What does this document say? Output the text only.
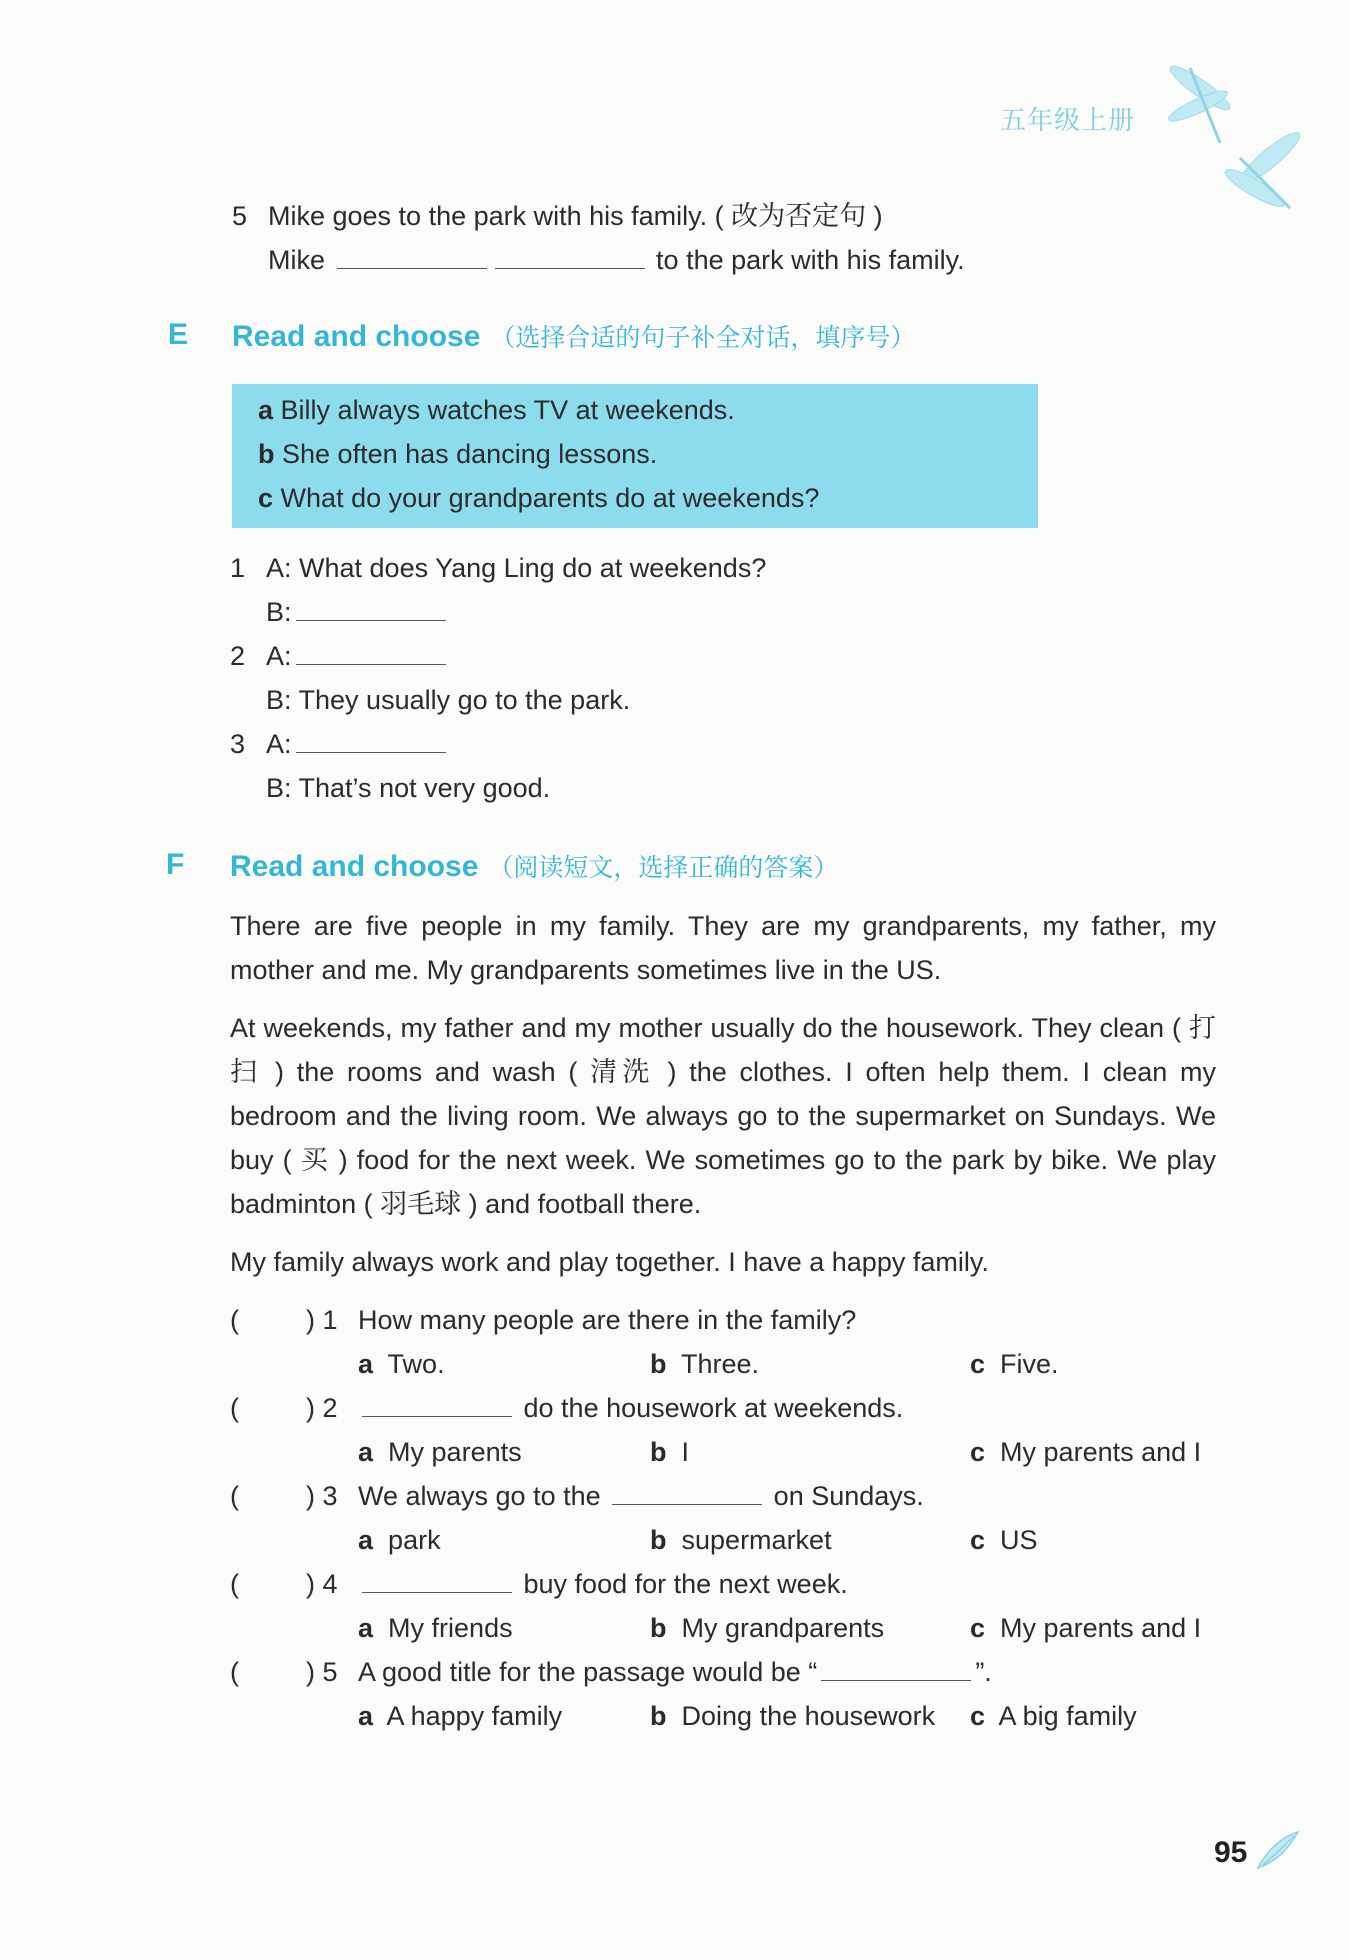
五年级上册
5 Mike goes to the park with his family. ( 改为否定句 )
Mike	to the park with his family.
E Read and choose （选择合适的句子补全对话，填序号）
a Billy always watches TV at weekends.
b She often has dancing lessons.
c What do your grandparents do at weekends?
1 A: What does Yang Ling do at weekends?
B:
2 A:
B: They usually go to the park.
3 A:
B: That’s not very good.
F Read and choose （阅读短文，选择正确的答案）
There are five people in my family. They are my grandparents, my father, my mother and me. My grandparents sometimes live in the US.
At weekends, my father and my mother usually do the housework. They clean ( 打扫 ) the rooms and wash ( 清洗 ) the clothes. I often help them. I clean my bedroom and the living room. We always go to the supermarket on Sundays. We buy ( 买 ) food for the next week. We sometimes go to the park by bike. We play badminton ( 羽毛球 ) and football there.
My family always work and play together. I have a happy family.
( ) 1 How many people are there in the family?
a Two.	b Three.	c Five.
( ) 2	do the housework at weekends.
a My parents	b I	c My parents and I
( ) 3 We always go to the	on Sundays.
a park	b supermarket	c US
( ) 4	buy food for the next week.
a My friends	b My grandparents	c My parents and I
( ) 5 A good title for the passage would be “	”.
a A happy family	b Doing the housework c A big family
95
